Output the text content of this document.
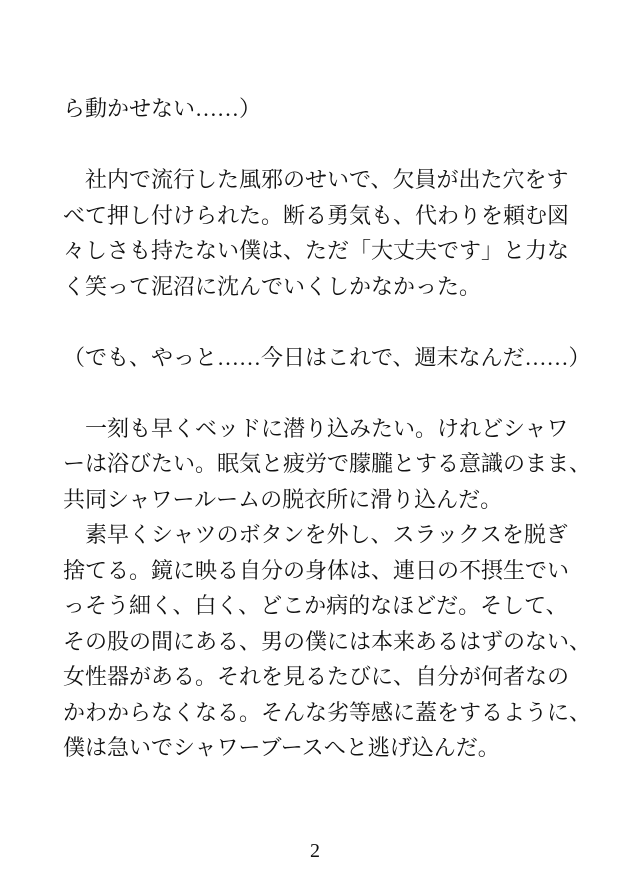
ら動かせない……）
　社内で流行した風邪のせいで、欠員が出た穴をす
べて押し付けられた。断る勇気も、代わりを頼む図
々しさも持たない僕は、ただ「大丈夫です」と力な
く笑って泥沼に沈んでいくしかなかった。
（でも、やっと……今日はこれで、週末なんだ……）
　一刻も早くベッドに潜り込みたい。けれどシャワ
ーは浴びたい。眠気と疲労で朦朧とする意識のまま、
共同シャワールームの脱衣所に滑り込んだ。
　素早くシャツのボタンを外し、スラックスを脱ぎ
捨てる。鏡に映る自分の身体は、連日の不摂生でい
っそう細く、白く、どこか病的なほどだ。そして、
その股の間にある、男の僕には本来あるはずのない、
女性器がある。それを見るたびに、自分が何者なの
かわからなくなる。そんな劣等感に蓋をするように、
僕は急いでシャワーブースへと逃げ込んだ。
2
